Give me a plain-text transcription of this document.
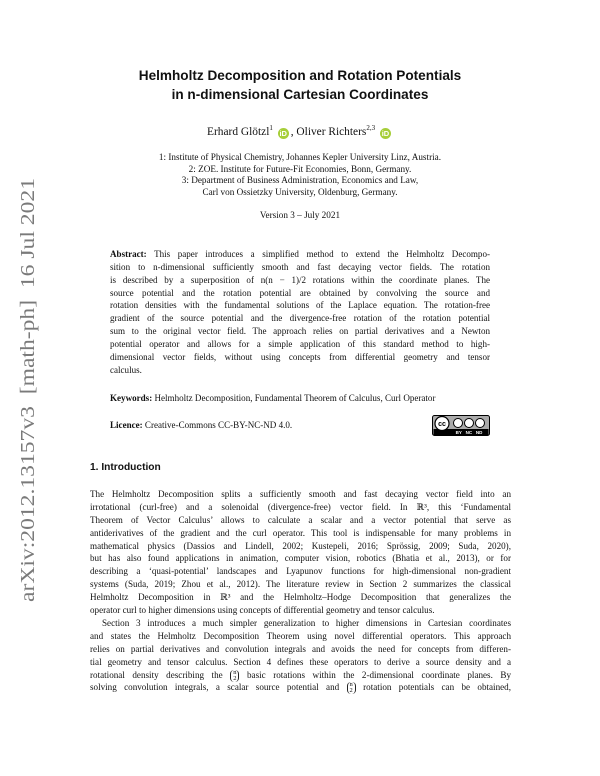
arXiv:2012.13157v3  [math-ph]  16 Jul 2021
Helmholtz Decomposition and Rotation Potentials
in n-dimensional Cartesian Coordinates
Erhard Glötzl$^1$ iD , Oliver Richters$^{2,3}$ iD
1: Institute of Physical Chemistry, Johannes Kepler University Linz, Austria.
2: ZOE. Institute for Future-Fit Economies, Bonn, Germany.
3: Department of Business Administration, Economics and Law,
Carl von Ossietzky University, Oldenburg, Germany.
Version 3 – July 2021
Abstract: This paper introduces a simplified method to extend the Helmholtz Decompo-
sition to n-dimensional sufficiently smooth and fast decaying vector fields. The rotation
is described by a superposition of n(n − 1)/2 rotations within the coordinate planes. The
source potential and the rotation potential are obtained by convolving the source and
rotation densities with the fundamental solutions of the Laplace equation. The rotation-free
gradient of the source potential and the divergence-free rotation of the rotation potential
sum to the original vector field. The approach relies on partial derivatives and a Newton
potential operator and allows for a simple application of this standard method to high-
dimensional vector fields, without using concepts from differential geometry and tensor
calculus.
Keywords: Helmholtz Decomposition, Fundamental Theorem of Calculus, Curl Operator
Licence: Creative-Commons CC-BY-NC-ND 4.0.	cc
BY   NC   ND
1. Introduction
The Helmholtz Decomposition splits a sufficiently smooth and fast decaying vector field into an
irrotational (curl-free) and a solenoidal (divergence-free) vector field. In ℝ³, this ‘Fundamental
Theorem of Vector Calculus’ allows to calculate a scalar and a vector potential that serve as
antiderivatives of the gradient and the curl operator. This tool is indispensable for many problems in
mathematical physics (Dassios and Lindell, 2002; Kustepeli, 2016; Sprössig, 2009; Suda, 2020),
but has also found applications in animation, computer vision, robotics (Bhatia et al., 2013), or for
describing a ‘quasi-potential’ landscapes and Lyapunov functions for high-dimensional non-gradient
systems (Suda, 2019; Zhou et al., 2012). The literature review in Section 2 summarizes the classical
Helmholtz Decomposition in ℝ³ and the Helmholtz–Hodge Decomposition that generalizes the
operator curl to higher dimensions using concepts of differential geometry and tensor calculus.
Section 3 introduces a much simpler generalization to higher dimensions in Cartesian coordinates
and states the Helmholtz Decomposition Theorem using novel differential operators. This approach
relies on partial derivatives and convolution integrals and avoids the need for concepts from differen-
tial geometry and tensor calculus. Section 4 defines these operators to derive a source density and a
rotational density describing the n
2 basic rotations within the 2-dimensional coordinate planes. By
solving convolution integrals, a scalar source potential and n
2 rotation potentials can be obtained,
